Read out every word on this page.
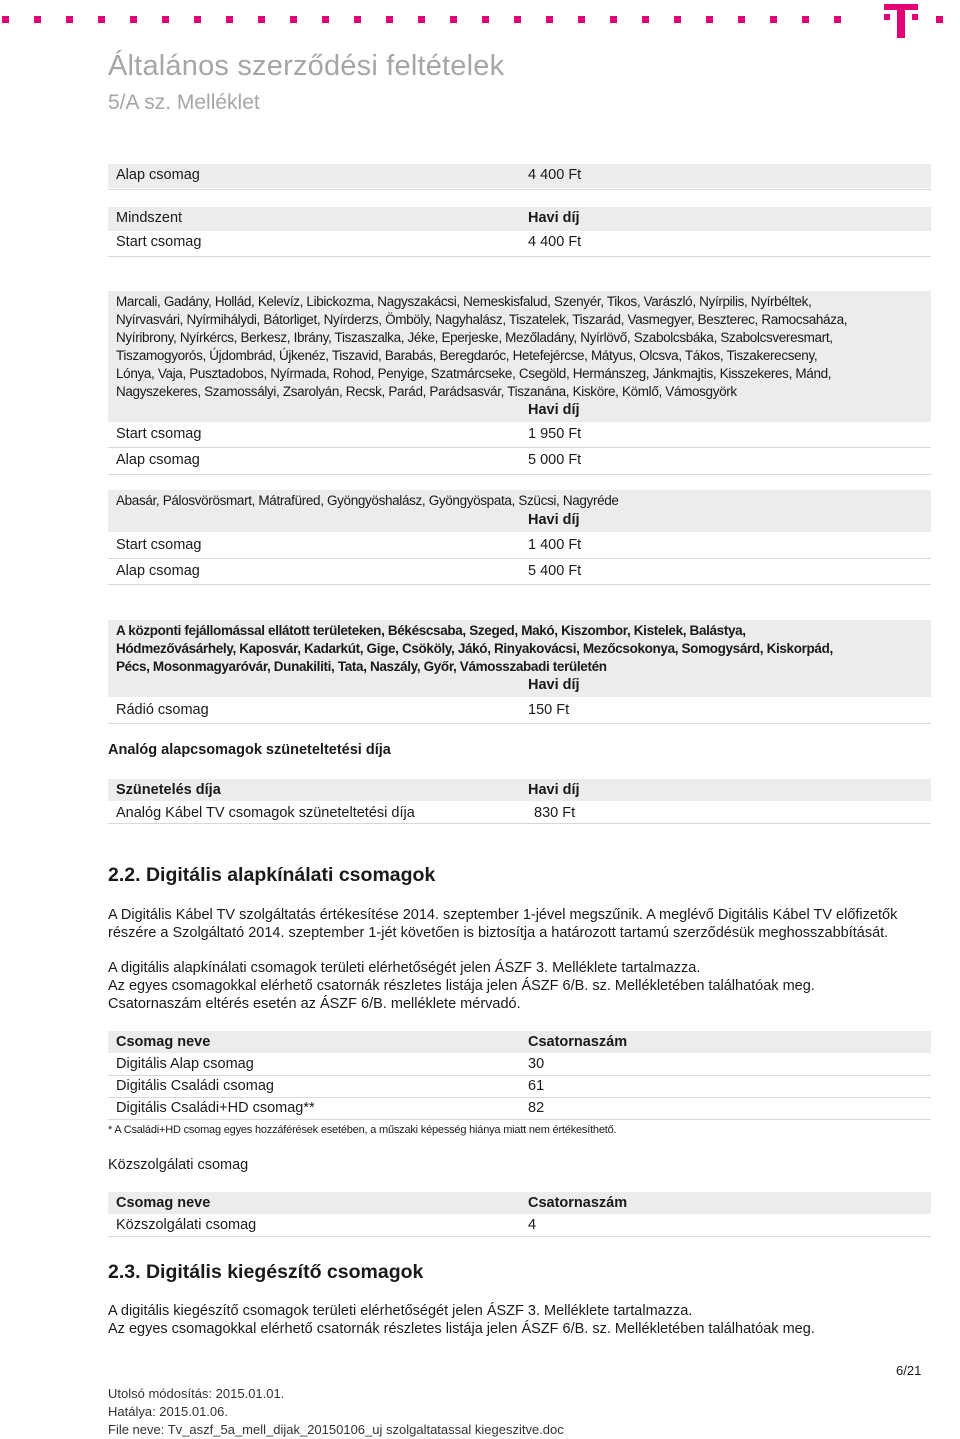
Általános szerződési feltételek
5/A sz. Melléklet
Alap csomag	4 400 Ft
Mindszent	Havi díj
Start csomag	4 400 Ft
Marcali, Gadány, Hollád, Kelevíz, Libickozma, Nagyszakácsi, Nemeskisfalud, Szenyér, Tikos, Varászló, Nyírpilis, Nyírbéltek,
Nyírvasvári, Nyírmihálydi, Bátorliget, Nyírderzs, Ömböly, Nagyhalász, Tiszatelek, Tiszarád, Vasmegyer, Beszterec, Ramocsaháza,
Nyíribrony, Nyírkércs, Berkesz, Ibrány, Tiszaszalka, Jéke, Eperjeske, Mezőladány, Nyírlövő, Szabolcsbáka, Szabolcsveresmart,
Tiszamogyorós, Újdombrád, Újkenéz, Tiszavid, Barabás, Beregdaróc, Hetefejércse, Mátyus, Olcsva, Tákos, Tiszakerecseny,
Lónya, Vaja, Pusztadobos, Nyírmada, Rohod, Penyige, Szatmárcseke, Csegöld, Hermánszeg, Jánkmajtis, Kisszekeres, Mánd,
Nagyszekeres, Szamossályi, Zsarolyán, Recsk, Parád, Parádsasvár, Tiszanána, Kisköre, Kömlő, Vámosgyörk
Havi díj
Start csomag	1 950 Ft
Alap csomag	5 000 Ft
Abasár, Pálosvörösmart, Mátrafüred, Gyöngyöshalász, Gyöngyöspata, Szücsi, Nagyréde
Havi díj
Start csomag	1 400 Ft
Alap csomag	5 400 Ft
A központi fejállomással ellátott területeken, Békéscsaba, Szeged, Makó, Kiszombor, Kistelek, Balástya,
Hódmezővásárhely, Kaposvár, Kadarkút, Gige, Csököly, Jákó, Rinyakovácsi, Mezőcsokonya, Somogysárd, Kiskorpád,
Pécs, Mosonmagyaróvár, Dunakiliti, Tata, Naszály, Győr, Vámosszabadi területén
Havi díj
Rádió csomag	150 Ft
Analóg alapcsomagok szüneteltetési díja
Szünetelés díja	Havi díj
Analóg Kábel TV csomagok szüneteltetési díja	830 Ft
2.2. Digitális alapkínálati csomagok
A Digitális Kábel TV szolgáltatás értékesítése 2014. szeptember 1-jével megszűnik. A meglévő Digitális Kábel TV előfizetők
részére a Szolgáltató 2014. szeptember 1-jét követően is biztosítja a határozott tartamú szerződésük meghosszabbítását.
A digitális alapkínálati csomagok területi elérhetőségét jelen ÁSZF 3. Melléklete tartalmazza.
Az egyes csomagokkal elérhető csatornák részletes listája jelen ÁSZF 6/B. sz. Mellékletében találhatóak meg.
Csatornaszám eltérés esetén az ÁSZF 6/B. melléklete mérvadó.
Csomag neve	Csatornaszám
Digitális Alap csomag	30
Digitális Családi csomag	61
Digitális Családi+HD csomag**	82
* A Családi+HD csomag egyes hozzáférések esetében, a műszaki képesség hiánya miatt nem értékesíthető.
Közszolgálati csomag
Csomag neve	Csatornaszám
Közszolgálati csomag	4
2.3. Digitális kiegészítő csomagok
A digitális kiegészítő csomagok területi elérhetőségét jelen ÁSZF 3. Melléklete tartalmazza.
Az egyes csomagokkal elérhető csatornák részletes listája jelen ÁSZF 6/B. sz. Mellékletében találhatóak meg.
6/21
Utolsó módosítás: 2015.01.01.
Hatálya: 2015.01.06.
File neve: Tv_aszf_5a_mell_dijak_20150106_uj szolgaltatassal kiegeszitve.doc
